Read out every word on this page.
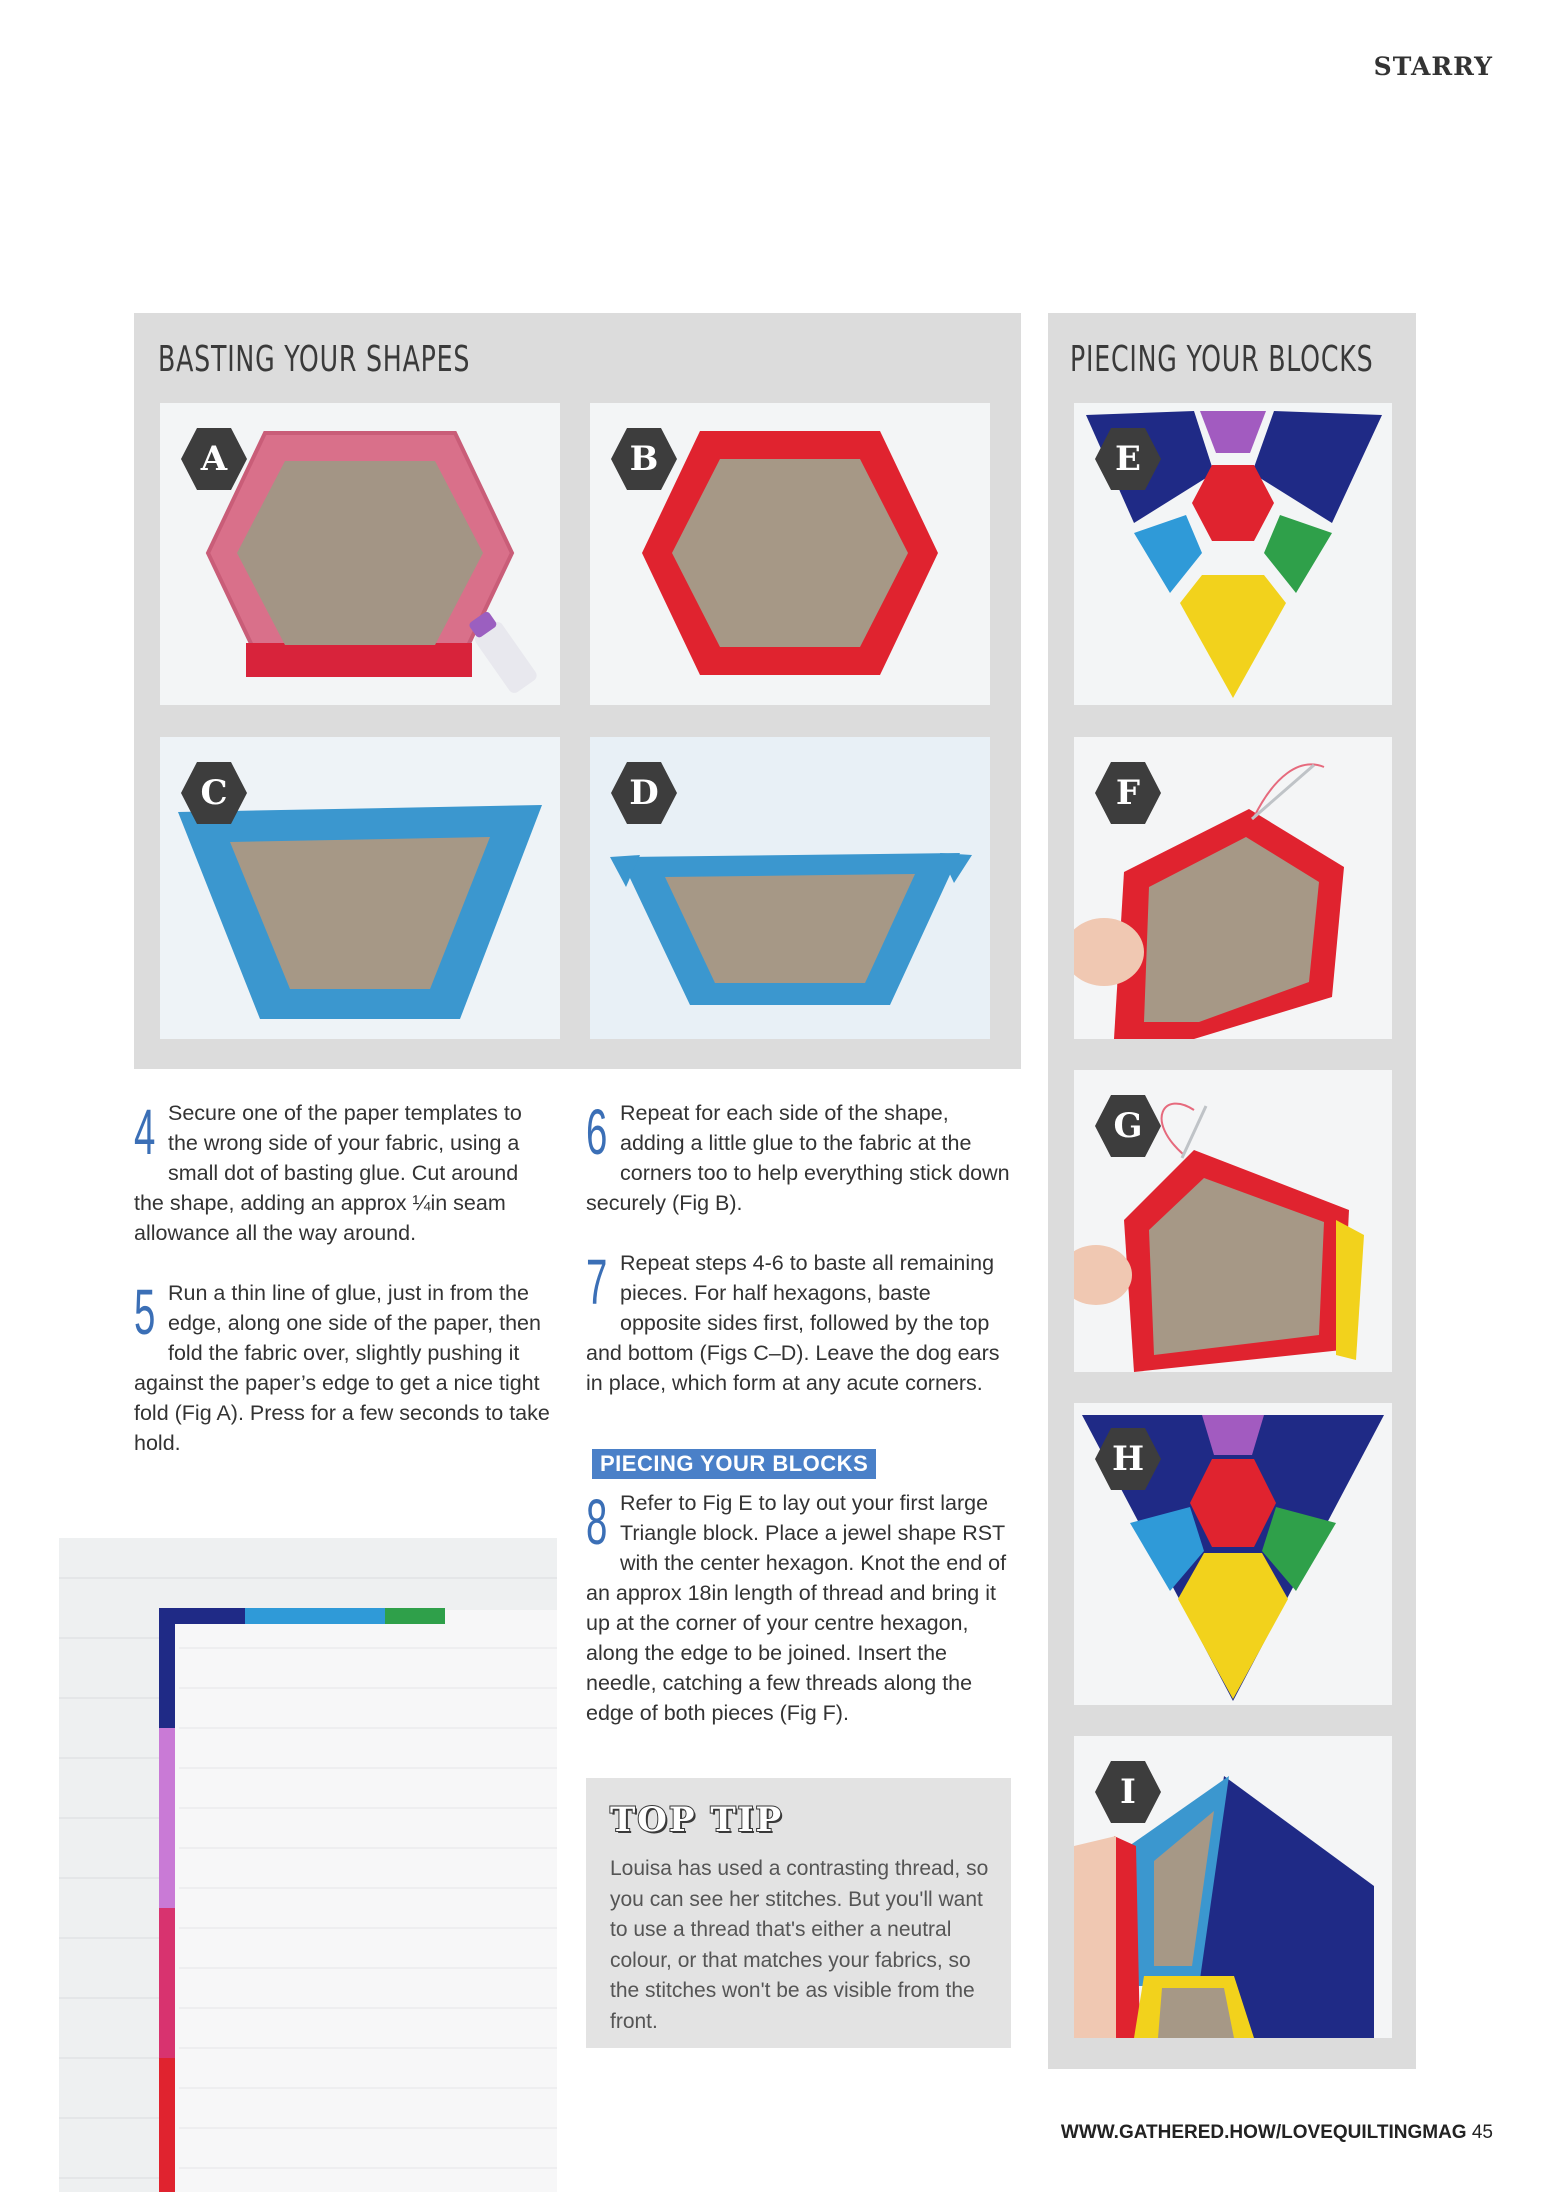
STARRY
BASTING YOUR SHAPES
A	B
C	D
PIECING YOUR BLOCKS
E
F
G
H
I
4 Secure one of the paper templates to the wrong side of your fabric, using a small dot of basting glue. Cut around the shape, adding an approx ¼in seam allowance all the way around.
5 Run a thin line of glue, just in from the edge, along one side of the paper, then fold the fabric over, slightly pushing it against the paper’s edge to get a nice tight fold (Fig A). Press for a few seconds to take hold.
6 Repeat for each side of the shape, adding a little glue to the fabric at the corners too to help everything stick down securely (Fig B).
7 Repeat steps 4-6 to baste all remaining pieces. For half hexagons, baste opposite sides first, followed by the top and bottom (Figs C–D). Leave the dog ears in place, which form at any acute corners.
PIECING YOUR BLOCKS
8 Refer to Fig E to lay out your first large Triangle block. Place a jewel shape RST with the center hexagon. Knot the end of an approx 18in length of thread and bring it up at the corner of your centre hexagon, along the edge to be joined. Insert the needle, catching a few threads along the edge of both pieces (Fig F).
TOP TIP
Louisa has used a contrasting thread, so you can see her stitches. But you'll want to use a thread that's either a neutral colour, or that matches your fabrics, so the stitches won't be as visible from the front.
WWW.GATHERED.HOW/LOVEQUILTINGMAG 45
